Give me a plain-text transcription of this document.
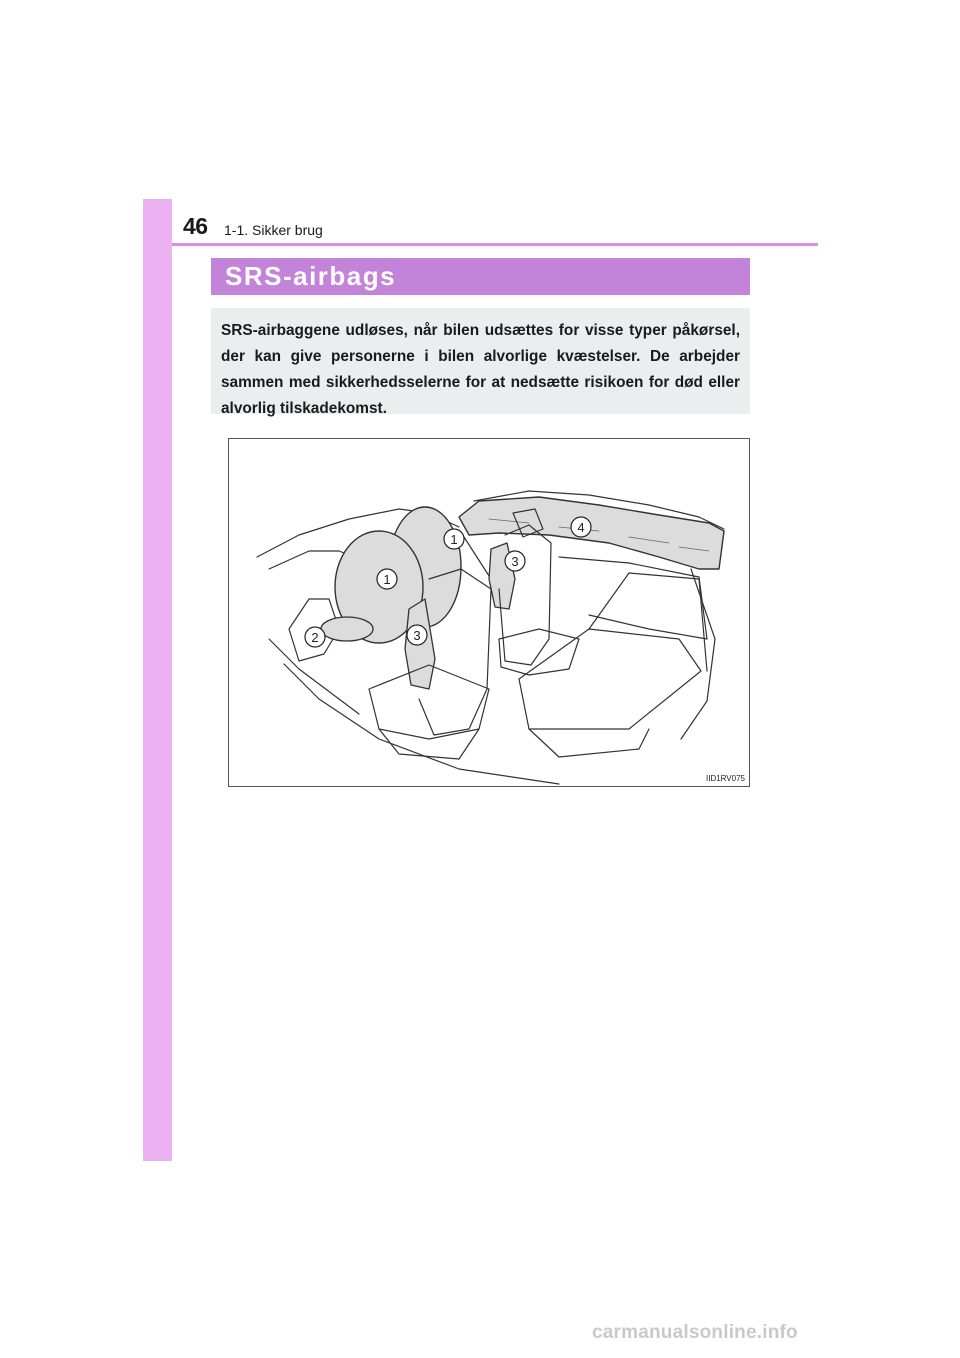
46 1-1. Sikker brug
SRS-airbags
SRS-airbaggene udløses, når bilen udsættes for visse typer påkørsel, der kan give personerne i bilen alvorlige kvæstelser. De arbejder sammen med sikkerhedsselerne for at nedsætte risikoen for død eller alvorlig tilskadekomst.
1
1
2	3
3
4
IID1RV075
carmanualsonline.info
